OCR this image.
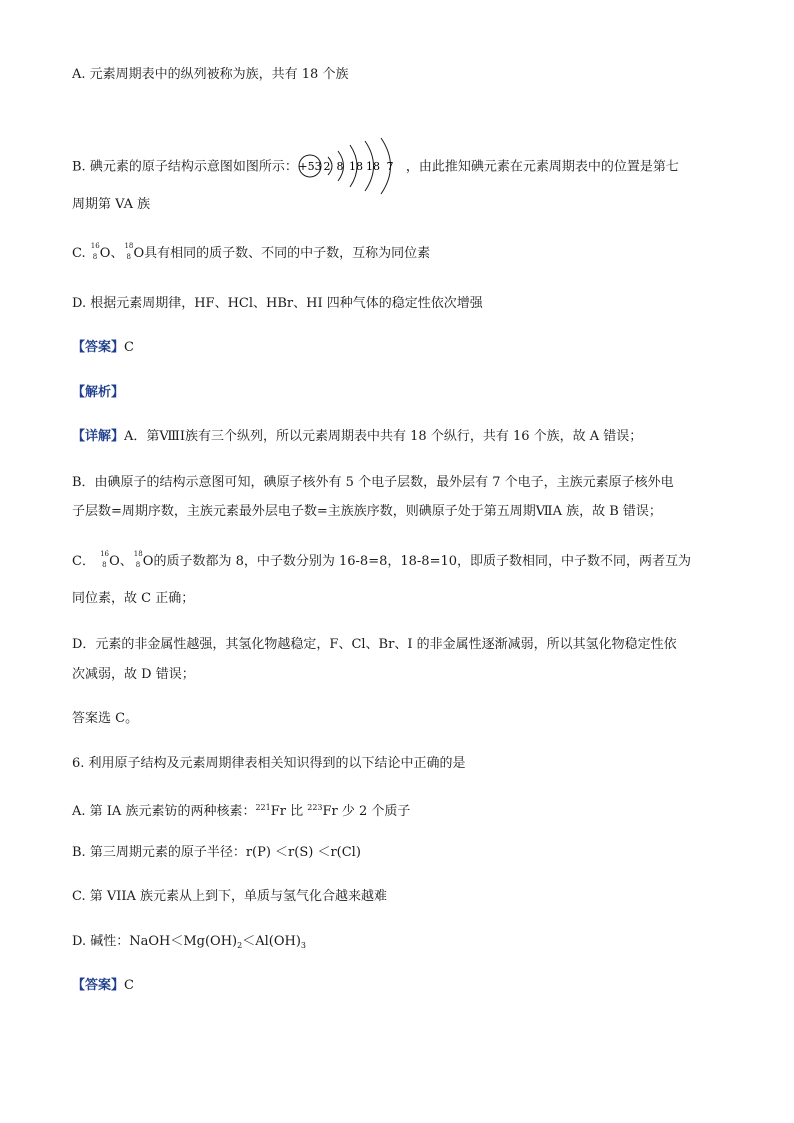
A. 元素周期表中的纵列被称为族，共有 18 个族
B. 碘元素的原子结构示意图如图所示： +53 2 8 18 18 7 ，由此推知碘元素在元素周期表中的位置是第七
周期第 VA 族
C. 16
8 O、 18
8 O具有相同的质子数、不同的中子数，互称为同位素
D. 根据元素周期律，HF、HCl、HBr、HI 四种气体的稳定性依次增强
【答案】C
【解析】
【详解】A．第ⅧI族有三个纵列，所以元素周期表中共有 18 个纵行，共有 16 个族，故 A 错误；
B．由碘原子的结构示意图可知，碘原子核外有 5 个电子层数，最外层有 7 个电子，主族元素原子核外电
子层数=周期序数，主族元素最外层电子数=主族族序数，则碘原子处于第五周期ⅦA 族，故 B 错误；
C． 16
8 O、 18
8 O的质子数都为 8，中子数分别为 16-8=8，18-8=10，即质子数相同，中子数不同，两者互为
同位素，故 C 正确；
D．元素的非金属性越强，其氢化物越稳定，F、Cl、Br、I 的非金属性逐渐减弱，所以其氢化物稳定性依
次减弱，故 D 错误；
答案选 C。
6. 利用原子结构及元素周期律表相关知识得到的以下结论中正确的是
A. 第 IA 族元素钫的两种核素：$^{221}$Fr 比 $^{223}$Fr 少 2 个质子
B. 第三周期元素的原子半径：r(P) ＜r(S) ＜r(Cl)
C. 第 VIIA 族元素从上到下，单质与氢气化合越来越难
D. 碱性：$NaOH<Mg(OH)_2<Al(OH)_3$
【答案】C
